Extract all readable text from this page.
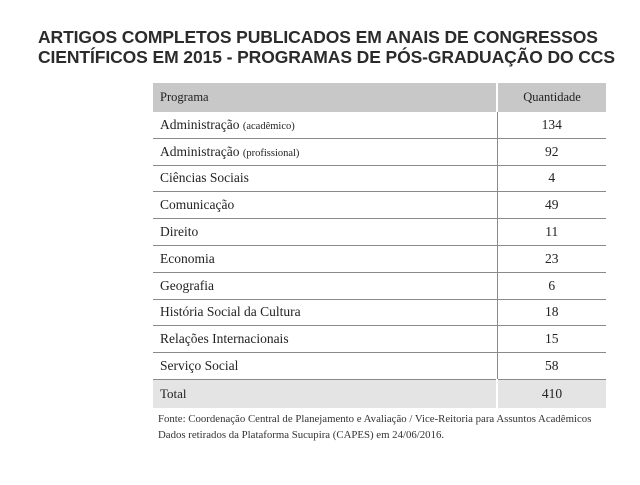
ARTIGOS COMPLETOS PUBLICADOS EM ANAIS DE CONGRESSOS
CIENTÍFICOS EM 2015 - PROGRAMAS DE PÓS-GRADUAÇÃO DO CCS
Programa	Quantidade
Administração (acadêmico)	134
Administração (profissional)	92
Ciências Sociais	4
Comunicação	49
Direito	11
Economia	23
Geografia	6
História Social da Cultura	18
Relações Internacionais	15
Serviço Social	58
Total	410

Fonte: Coordenação Central de Planejamento e Avaliação / Vice-Reitoria para Assuntos Acadêmicos

Dados retirados da Plataforma Sucupira (CAPES) em 24/06/2016.
